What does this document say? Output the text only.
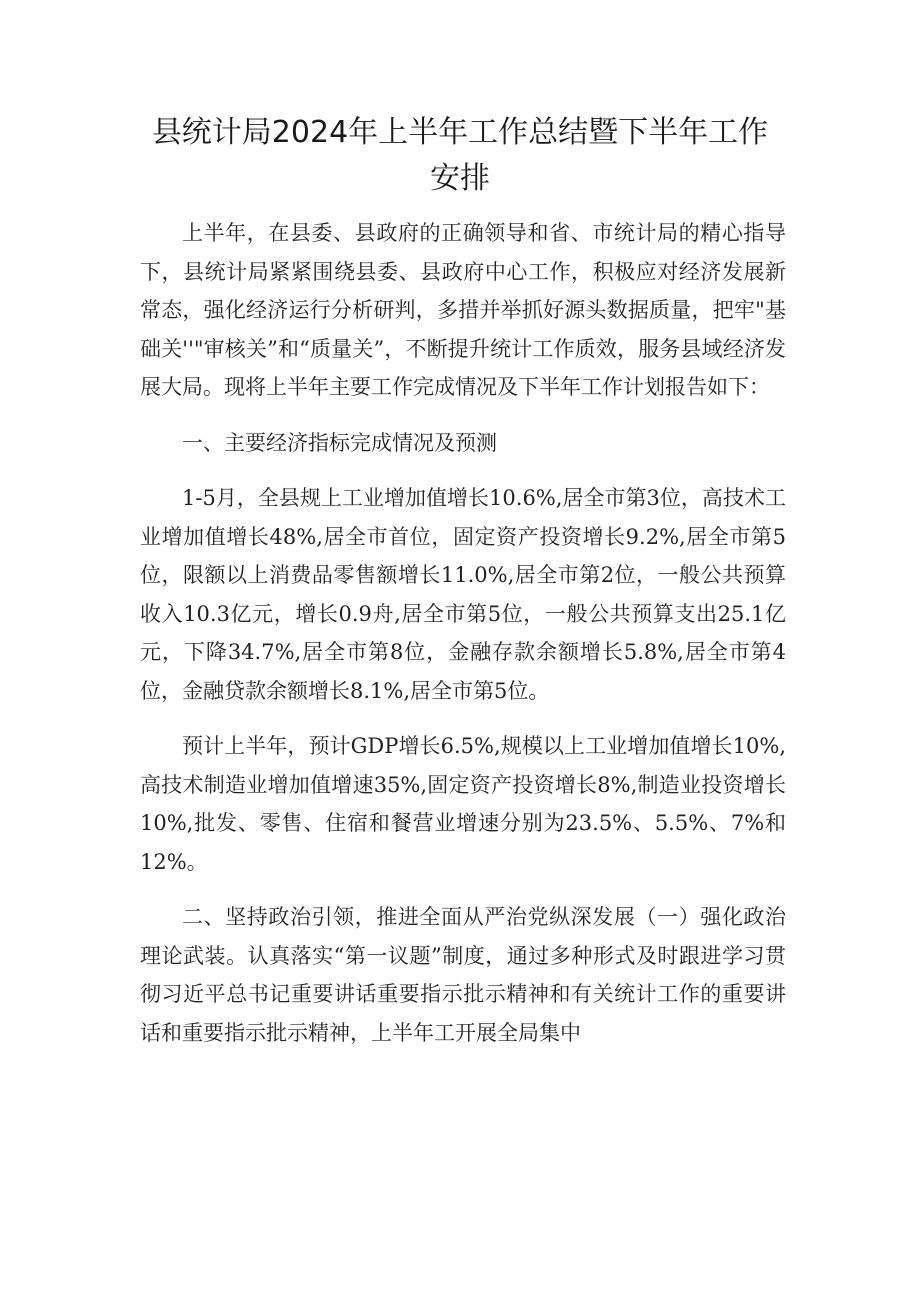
县统计局2024年上半年工作总结暨下半年工作安排

上半年，在县委、县政府的正确领导和省、市统计局的精心指导下，县统计局紧紧围绕县委、县政府中心工作，积极应对经济发展新常态，强化经济运行分析研判，多措并举抓好源头数据质量，把牢"基础关''"审核关”和“质量关”，不断提升统计工作质效，服务县域经济发展大局。现将上半年主要工作完成情况及下半年工作计划报告如下：

一、主要经济指标完成情况及预测

1-5月，全县规上工业增加值增长10.6%,居全市第3位，高技术工业增加值增长48%,居全市首位，固定资产投资增长9.2%,居全市第5位，限额以上消费品零售额增长11.0%,居全市第2位，一般公共预算收入10.3亿元，增长0.9舟,居全市第5位，一般公共预算支出25.1亿元，下降34.7%,居全市第8位，金融存款余额增长5.8%,居全市第4位，金融贷款余额增长8.1%,居全市第5位。

预计上半年，预计GDP增长6.5%,规模以上工业增加值增长10%,高技术制造业增加值增速35%,固定资产投资增长8%,制造业投资增长10%,批发、零售、住宿和餐营业增速分别为23.5%、5.5%、7%和12%。

二、坚持政治引领，推进全面从严治党纵深发展（一）强化政治理论武装。认真落实“第一议题”制度，通过多种形式及时跟进学习贯彻习近平总书记重要讲话重要指示批示精神和有关统计工作的重要讲话和重要指示批示精神，上半年工开展全局集中
